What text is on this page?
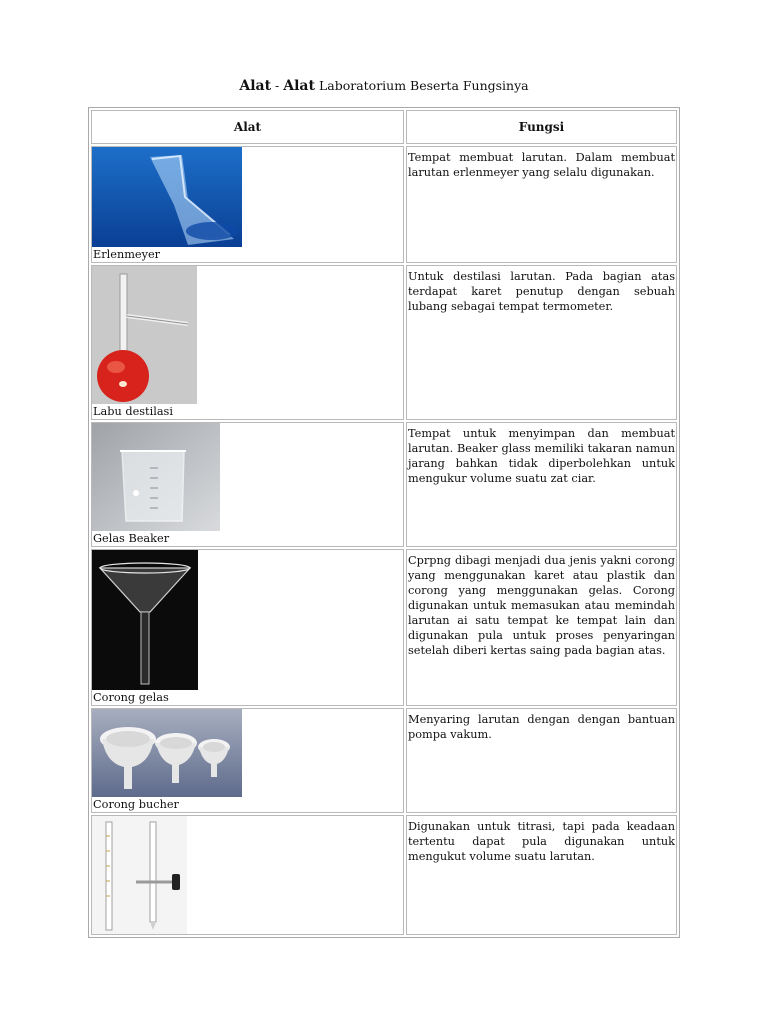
Alat - Alat Laboratorium Beserta Fungsinya
Alat	Fungsi

Erlenmeyer	Tempat membuat larutan. Dalam membuat larutan erlenmeyer yang selalu digunakan.

Labu destilasi	Untuk destilasi larutan. Pada bagian atas terdapat karet penutup dengan sebuah lubang sebagai tempat termometer.

Gelas Beaker	Tempat untuk menyimpan dan membuat larutan. Beaker glass memiliki takaran namun jarang bahkan tidak diperbolehkan untuk mengukur volume suatu zat ciar.

Corong gelas	Cprpng dibagi menjadi dua jenis yakni corong yang menggunakan karet atau plastik dan corong yang menggunakan gelas. Corong digunakan untuk memasukan atau memindah larutan ai satu tempat ke tempat lain dan digunakan pula untuk proses penyaringan setelah diberi kertas saing pada bagian atas.

Corong bucher	Menyaring larutan dengan dengan bantuan pompa vakum.

	Digunakan untuk titrasi, tapi pada keadaan tertentu dapat pula digunakan untuk mengukut volume suatu larutan.
